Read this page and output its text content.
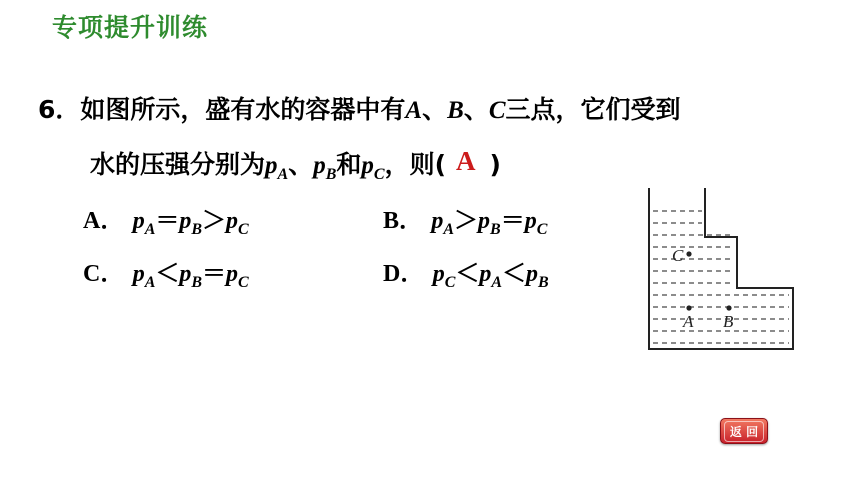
专项提升训练
6．如图所示，盛有水的容器中有A、B、C三点，它们受到
水的压强分别为$p_A$、$p_B$和$p_C$，则( A )
A． $p_A=p_B>p_C$	B． $p_A>p_B=p_C$
C． $p_A<p_B=p_C$	D． $p_C<p_A<p_B$
C
A B
返 回
